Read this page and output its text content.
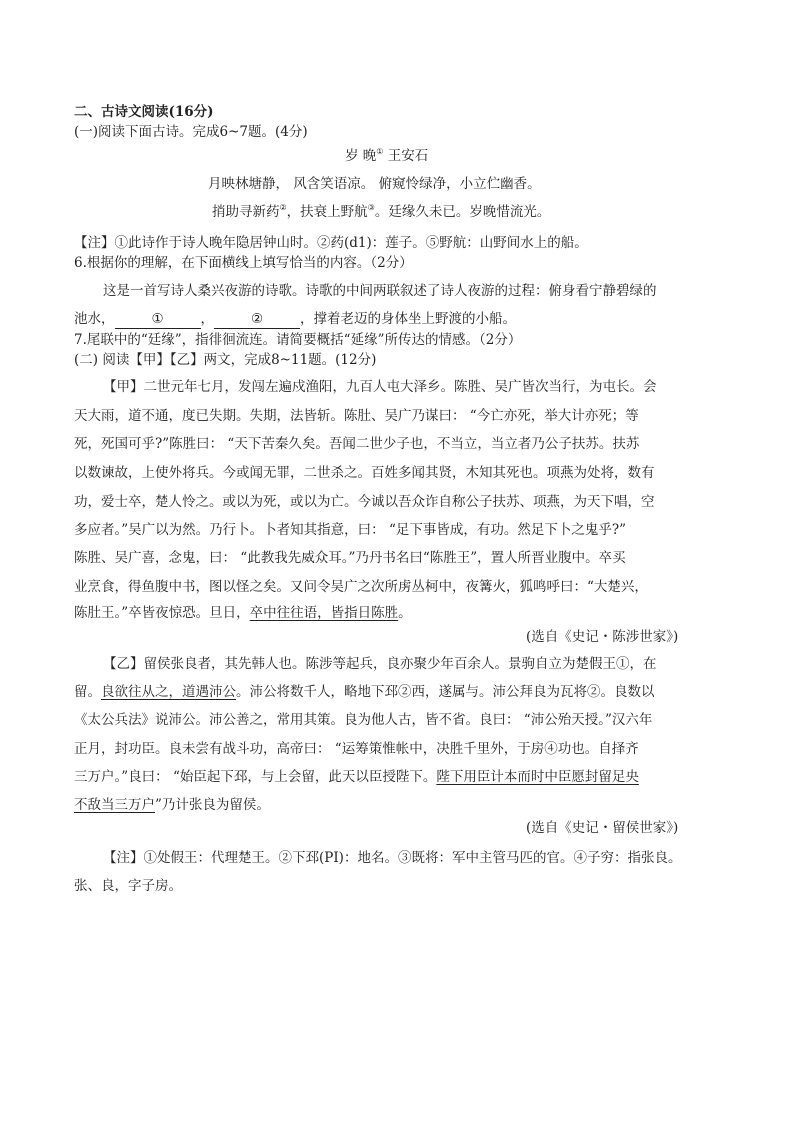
二、古诗文阅读(16分)
(一)阅读下面古诗。完成6~7题。(4分)
岁 晚① 王安石
月映林塘静， 风含笑语凉。 俯窥怜绿净，小立伫幽香。
捎助寻新药②，扶衰上野航③。廷缘久未已。岁晚惜流光。
【注】①此诗作于诗人晚年隐居钟山时。②药(d1)：莲子。⑤野航：山野间水上的船。
6.根据你的理解，在下面横线上填写恰当的内容。（2分）
这是一首写诗人桑兴夜游的诗歌。诗歌的中间两联叙述了诗人夜游的过程：俯身看宁静碧绿的
池水，	①	，	②	，撑着老迈的身体坐上野渡的小船。
7.尾联中的“廷缘”，指徘徊流连。请简要概括“延缘”所传达的情感。（2分）
(二) 阅读【甲】【乙】两文，完成8~11题。(12分)
【甲】二世元年七月，发闯左遍戍渔阳，九百人屯大泽乡。陈胜、吴广皆次当行，为屯长。会
天大雨，道不通，度已失期。失期，法皆斩。陈肚、吴广乃谋曰： “今亡亦死，举大计亦死；等
死，死国可乎?”陈胜曰： “天下苦秦久矣。吾闻二世少子也，不当立，当立者乃公子扶苏。扶苏
以数谏故，上使外将兵。今或闻无罪，二世杀之。百姓多闻其贤，木知其死也。项燕为处将，数有
功，爱士卒，楚人怜之。或以为死，或以为亡。今诚以吾众诈自称公子扶苏、项燕，为天下唱，空
多应者。”吴广以为然。乃行卜。卜者知其指意，曰： “足下事皆成，有功。然足下卜之鬼乎?”
陈胜、吴广喜，念鬼，曰： “此教我先威众耳。”乃丹书名曰“陈胜王”，置人所晋业腹中。卒买
业烹食，得鱼腹中书，图以怪之矣。又问令吴广之次所虏丛柯中，夜篝火，狐鸣呼曰：“大楚兴，
陈肚王。”卒皆夜惊恐。旦日，卒中往往语，皆指日陈胜。
(选自《史记・陈涉世家》)
【乙】留侯张良者，其先韩人也。陈涉等起兵，良亦聚少年百余人。景驹自立为楚假王①，在
留。良欲往从之，道遇沛公。沛公将数千人，略地下邳②西，遂属与。沛公拜良为瓦将②。良数以
《太公兵法》说沛公。沛公善之，常用其策。良为他人古，皆不省。良曰： “沛公殆天授。”汉六年
正月，封功臣。良未尝有战斗功，高帝曰： “运筹策惟帐中，决胜千里外，于房④功也。自择齐
三万户。”良曰： “始臣起下邳，与上会留，此天以臣授陛下。陛下用臣计本而时中臣愿封留足央
不敌当三万户”乃计张良为留侯。
(选自《史记・留侯世家》)
【注】①处假王：代理楚王。②下邳(PI)：地名。③既将：军中主管马匹的官。④子穷：指张良。
张、良，字子房。
